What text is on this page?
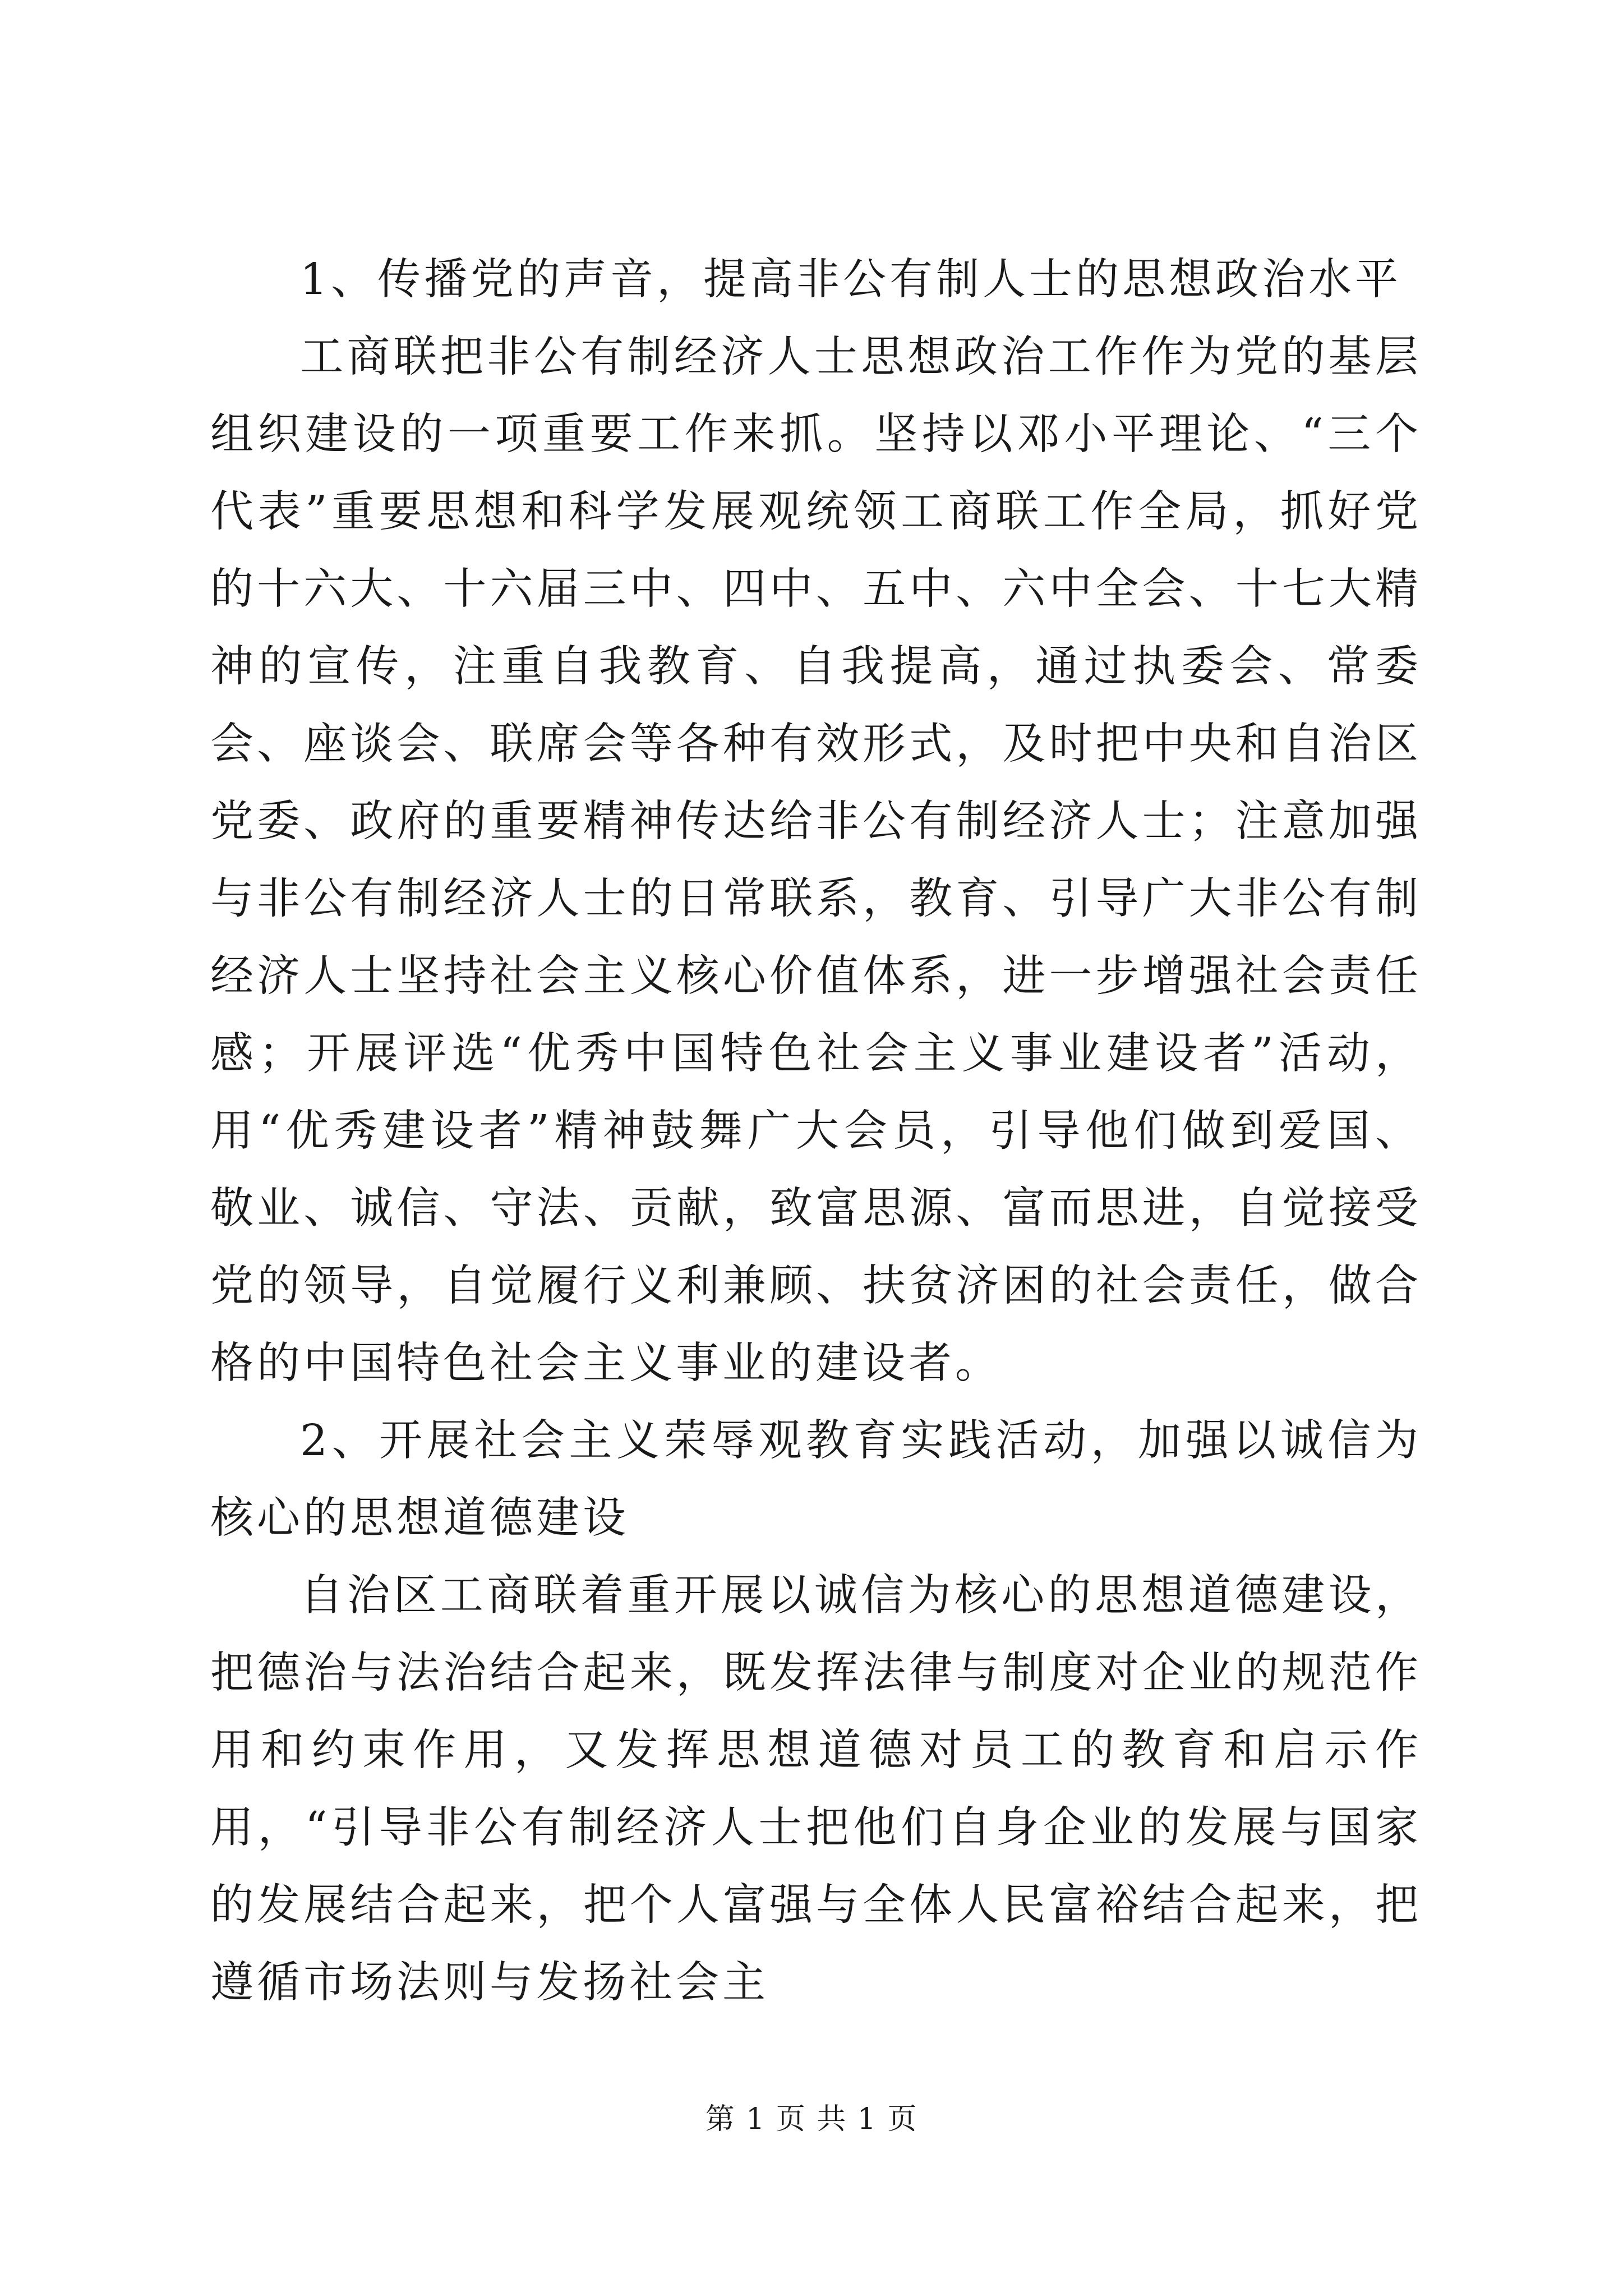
1、传播党的声音，提高非公有制人士的思想政治水平

工商联把非公有制经济人士思想政治工作作为党的基层组织建设的一项重要工作来抓。坚持以邓小平理论、“三个代表”重要思想和科学发展观统领工商联工作全局，抓好党的十六大、十六届三中、四中、五中、六中全会、十七大精神的宣传，注重自我教育、自我提高，通过执委会、常委会、座谈会、联席会等各种有效形式，及时把中央和自治区党委、政府的重要精神传达给非公有制经济人士；注意加强与非公有制经济人士的日常联系，教育、引导广大非公有制经济人士坚持社会主义核心价值体系，进一步增强社会责任感；开展评选“优秀中国特色社会主义事业建设者”活动，用“优秀建设者”精神鼓舞广大会员，引导他们做到爱国、敬业、诚信、守法、贡献，致富思源、富而思进，自觉接受党的领导，自觉履行义利兼顾、扶贫济困的社会责任，做合格的中国特色社会主义事业的建设者。

2、开展社会主义荣辱观教育实践活动，加强以诚信为核心的思想道德建设

自治区工商联着重开展以诚信为核心的思想道德建设，把德治与法治结合起来，既发挥法律与制度对企业的规范作用和约束作用，又发挥思想道德对员工的教育和启示作用，“引导非公有制经济人士把他们自身企业的发展与国家的发展结合起来，把个人富强与全体人民富裕结合起来，把遵循市场法则与发扬社会主

第 1 页 共 1 页
